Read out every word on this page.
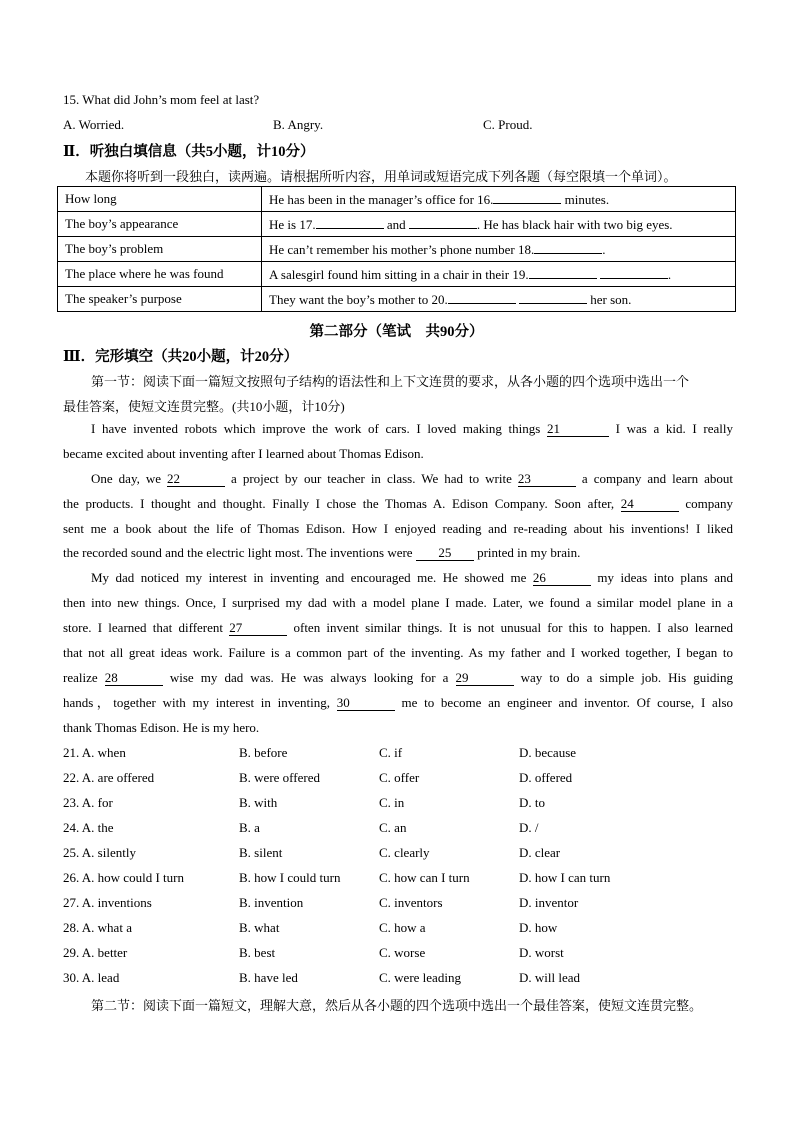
15. What did John’s mom feel at last?
A. Worried.	B. Angry.	C. Proud.
Ⅱ．听独白填信息（共5小题，计10分）
本题你将听到一段独白，读两遍。请根据所听内容，用单词或短语完成下列各题（每空限填一个单词）。
How long	He has been in the manager’s office for 16. minutes.
The boy’s appearance	He is 17. and . He has black hair with two big eyes.
The boy’s problem	He can’t remember his mother’s phone number 18. .
The place where he was found	A salesgirl found him sitting in a chair in their 19. .
The speaker’s purpose	They want the boy’s mother to 20. her son.
第二部分（笔试　共90分）
Ⅲ．完形填空（共20小题，计20分）
第一节：阅读下面一篇短文按照句子结构的语法性和上下文连贯的要求，从各小题的四个选项中选出一个
最佳答案，使短文连贯完整。(共10小题，计10分)
I have invented robots which improve the work of cars. I loved making things 21	I was a kid. I really
became excited about inventing after I learned about Thomas Edison.
One day, we 22	a project by our teacher in class. We had to write 23	a company and learn about
the products. I thought and thought. Finally I chose the Thomas A. Edison Company. Soon after, 24	company
sent me a book about the life of Thomas Edison. How I enjoyed reading and re-reading about his inventions! I liked
the recorded sound and the electric light most. The inventions were 25 printed in my brain.
My dad noticed my interest in inventing and encouraged me. He showed me 26	my ideas into plans and
then into new things. Once, I surprised my dad with a model plane I made. Later, we found a similar model plane in a
store. I learned that different 27	often invent similar things. It is not unusual for this to happen. I also learned
that not all great ideas work. Failure is a common part of the inventing. As my father and I worked together, I began to
realize 28	wise my dad was. He was always looking for a 29	way to do a simple job. His guiding
hands，together with my interest in inventing, 30	me to become an engineer and inventor. Of course, I also
thank Thomas Edison. He is my hero.
21. A. when	B. before	C. if	D. because
22. A. are offered	B. were offered	C. offer	D. offered
23. A. for	B. with	C. in	D. to
24. A. the	B. a	C. an	D. /
25. A. silently	B. silent	C. clearly	D. clear
26. A. how could I turn	B. how I could turn	C. how can I turn	D. how I can turn
27. A. inventions	B. invention	C. inventors	D. inventor
28. A. what a	B. what	C. how a	D. how
29. A. better	B. best	C. worse	D. worst
30. A. lead	B. have led	C. were leading	D. will lead
第二节：阅读下面一篇短文，理解大意，然后从各小题的四个选项中选出一个最佳答案，使短文连贯完整。
